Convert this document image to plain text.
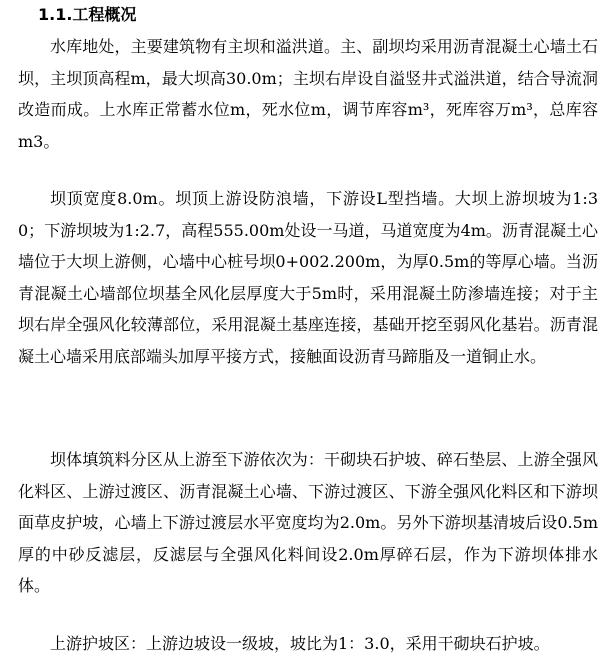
1.1.工程概况

水库地处，主要建筑物有主坝和溢洪道。主、副坝均采用沥青混凝土心墙土石坝，主坝顶高程m，最大坝高30.0m；主坝右岸设自溢竖井式溢洪道，结合导流洞改造而成。上水库正常蓄水位m，死水位m，调节库容m³，死库容万m³，总库容m3。

坝顶宽度8.0m。坝顶上游设防浪墙，下游设L型挡墙。大坝上游坝坡为1:30；下游坝坡为1:2.7，高程555.00m处设一马道，马道宽度为4m。沥青混凝土心墙位于大坝上游侧，心墙中心桩号坝0+002.200m，为厚0.5m的等厚心墙。当沥青混凝土心墙部位坝基全风化层厚度大于5m时，采用混凝土防渗墙连接；对于主坝右岸全强风化较薄部位，采用混凝土基座连接，基础开挖至弱风化基岩。沥青混凝土心墙采用底部端头加厚平接方式，接触面设沥青马蹄脂及一道铜止水。

坝体填筑料分区从上游至下游依次为：干砌块石护坡、碎石垫层、上游全强风化料区、上游过渡区、沥青混凝土心墙、下游过渡区、下游全强风化料区和下游坝面草皮护坡，心墙上下游过渡层水平宽度均为2.0m。另外下游坝基清坡后设0.5m厚的中砂反滤层，反滤层与全强风化料间设2.0m厚碎石层，作为下游坝体排水体。

上游护坡区：上游边坡设一级坡，坡比为1：3.0，采用干砌块石护坡。
